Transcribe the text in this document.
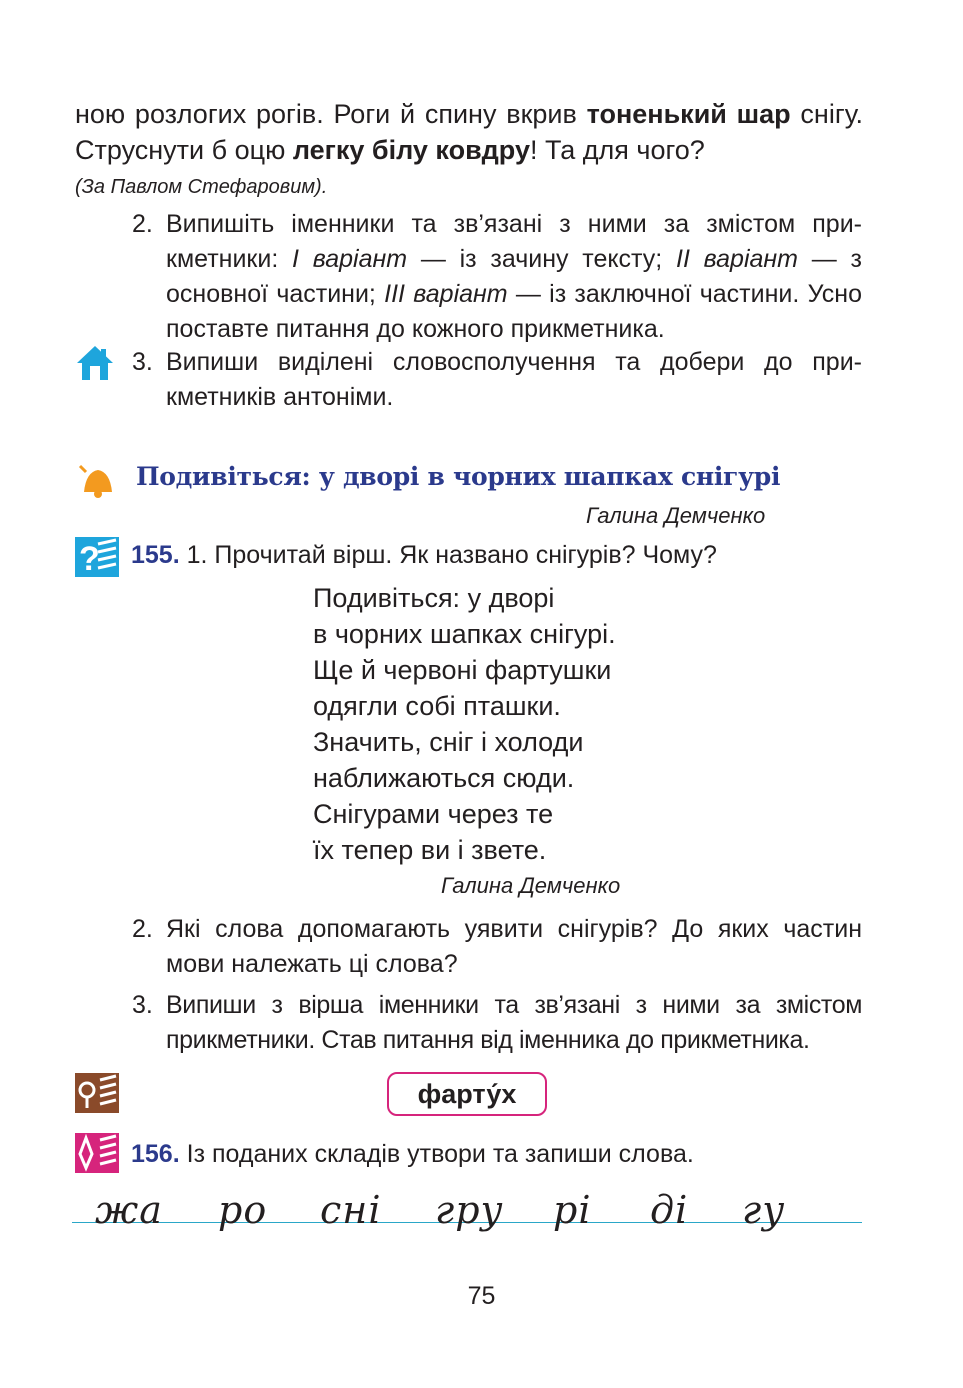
ною розлогих рогів. Роги й спину вкрив тоненький шар снігу. Струснути б оцю легку білу ковдру! Та для чого?
(За Павлом Стефаровим).
2. Випишіть іменники та зв’язані з ними за змістом прикметники: І варіант — із зачину тексту; ІІ варіант — з основної частини; ІІІ варіант — із заключної частини. Усно поставте питання до кожного прикметника.
3. Випиши виділені словосполучення та добери до прикметників антоніми.
Подивіться: у дворі в чорних шапках снігурі
Галина Демченко
? 155. 1. Прочитай вірш. Як названо снігурів? Чому?
Подивіться: у дворі
в чорних шапках снігурі.
Ще й червоні фартушки
одягли собі пташки.
Значить, сніг і холоди
наближаються сюди.
Снігурами через те
їх тепер ви і звете.
Галина Демченко
2. Які слова допомагають уявити снігурів? До яких частин мови належать ці слова?
3. Випиши з вірша іменники та зв’язані з ними за змістом прикметники. Став питання від іменника до прикметника.
фарту́х
156. Із поданих складів утвори та запиши слова.
жа ро сні гру рі ді гу
75
